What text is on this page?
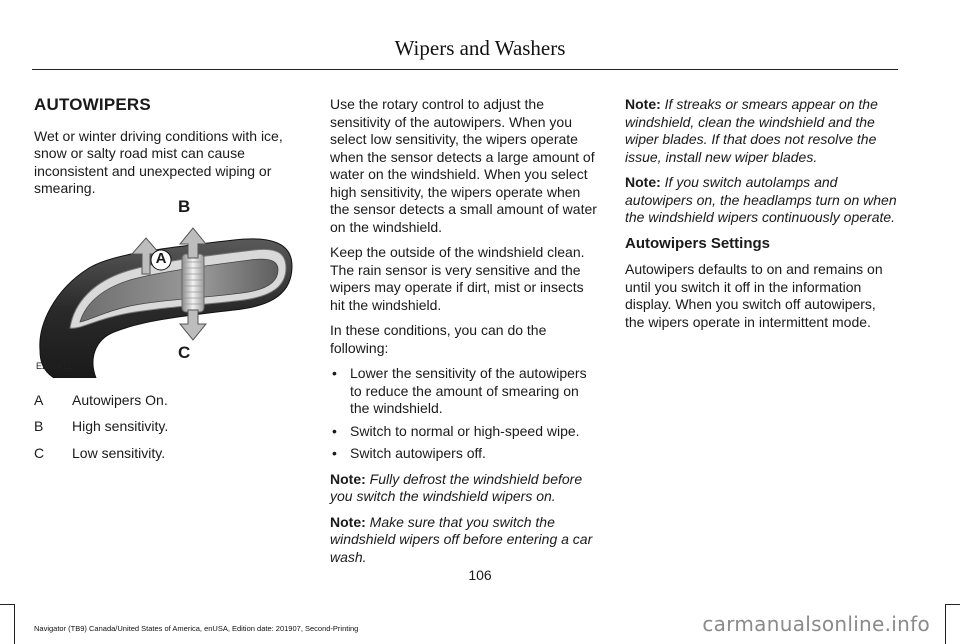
Wipers and Washers
AUTOWIPERS

Wet or winter driving conditions with ice, snow or salty road mist can cause inconsistent and unexpected wiping or smearing.

A
B
C
E269411
A	Autowipers On.
B	High sensitivity.
C	Low sensitivity.

Use the rotary control to adjust the sensitivity of the autowipers. When you select low sensitivity, the wipers operate when the sensor detects a large amount of water on the windshield. When you select high sensitivity, the wipers operate when the sensor detects a small amount of water on the windshield.

Keep the outside of the windshield clean. The rain sensor is very sensitive and the wipers may operate if dirt, mist or insects hit the windshield.

In these conditions, you can do the following:

• Lower the sensitivity of the autowipers to reduce the amount of smearing on the windshield.
• Switch to normal or high-speed wipe.
• Switch autowipers off.

Note: Fully defrost the windshield before you switch the windshield wipers on.

Note: Make sure that you switch the windshield wipers off before entering a car wash.

Note: If streaks or smears appear on the windshield, clean the windshield and the wiper blades. If that does not resolve the issue, install new wiper blades.

Note: If you switch autolamps and autowipers on, the headlamps turn on when the windshield wipers continuously operate.

Autowipers Settings

Autowipers defaults to on and remains on until you switch it off in the information display. When you switch off autowipers, the wipers operate in intermittent mode.

106
Navigator (TB9) Canada/United States of America, enUSA, Edition date: 201907, Second-Printing	carmanualsonline.info
